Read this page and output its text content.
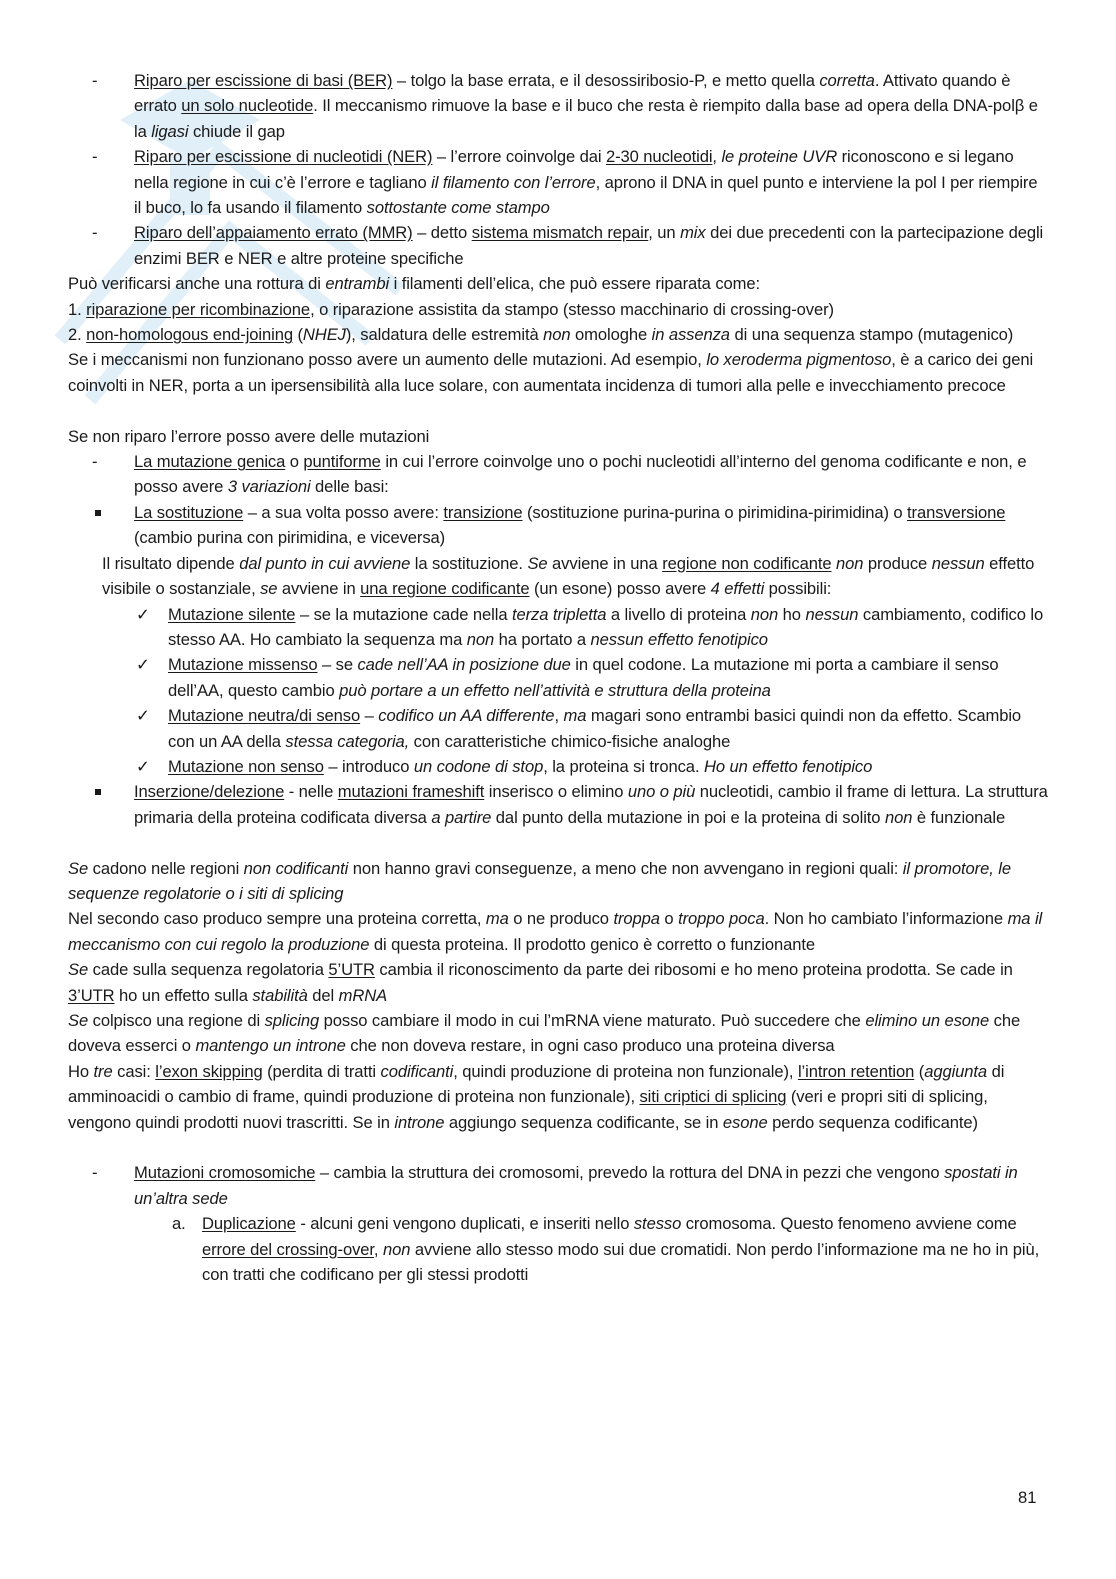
- Riparo per escissione di basi (BER) – tolgo la base errata, e il desossiribosio-P, e metto quella corretta. Attivato quando è errato un solo nucleotide. Il meccanismo rimuove la base e il buco che resta è riempito dalla base ad opera della DNA-polβ e la ligasi chiude il gap

- Riparo per escissione di nucleotidi (NER) – l’errore coinvolge dai 2-30 nucleotidi, le proteine UVR riconoscono e si legano nella regione in cui c’è l’errore e tagliano il filamento con l’errore, aprono il DNA in quel punto e interviene la pol I per riempire il buco, lo fa usando il filamento sottostante come stampo

- Riparo dell’appaiamento errato (MMR) – detto sistema mismatch repair, un mix dei due precedenti con la partecipazione degli enzimi BER e NER e altre proteine specifiche

Può verificarsi anche una rottura di entrambi i filamenti dell’elica, che può essere riparata come:

1. riparazione per ricombinazione, o riparazione assistita da stampo (stesso macchinario di crossing-over)

2. non-homologous end-joining (NHEJ), saldatura delle estremità non omologhe in assenza di una sequenza stampo (mutagenico)

Se i meccanismi non funzionano posso avere un aumento delle mutazioni. Ad esempio, lo xeroderma pigmentoso, è a carico dei geni coinvolti in NER, porta a un ipersensibilità alla luce solare, con aumentata incidenza di tumori alla pelle e invecchiamento precoce

Se non riparo l’errore posso avere delle mutazioni

- La mutazione genica o puntiforme in cui l’errore coinvolge uno o pochi nucleotidi all’interno del genoma codificante e non, e posso avere 3 variazioni delle basi:

La sostituzione – a sua volta posso avere: transizione (sostituzione purina-purina o pirimidina-pirimidina) o transversione (cambio purina con pirimidina, e viceversa)

Il risultato dipende dal punto in cui avviene la sostituzione. Se avviene in una regione non codificante non produce nessun effetto visibile o sostanziale, se avviene in una regione codificante (un esone) posso avere 4 effetti possibili:

✓ Mutazione silente – se la mutazione cade nella terza tripletta a livello di proteina non ho nessun cambiamento, codifico lo stesso AA. Ho cambiato la sequenza ma non ha portato a nessun effetto fenotipico

✓ Mutazione missenso – se cade nell’AA in posizione due in quel codone. La mutazione mi porta a cambiare il senso dell’AA, questo cambio può portare a un effetto nell’attività e struttura della proteina

✓ Mutazione neutra/di senso – codifico un AA differente, ma magari sono entrambi basici quindi non da effetto. Scambio con un AA della stessa categoria, con caratteristiche chimico-fisiche analoghe

✓ Mutazione non senso – introduco un codone di stop, la proteina si tronca. Ho un effetto fenotipico

Inserzione/delezione - nelle mutazioni frameshift inserisco o elimino uno o più nucleotidi, cambio il frame di lettura. La struttura primaria della proteina codificata diversa a partire dal punto della mutazione in poi e la proteina di solito non è funzionale

Se cadono nelle regioni non codificanti non hanno gravi conseguenze, a meno che non avvengano in regioni quali: il promotore, le sequenze regolatorie o i siti di splicing

Nel secondo caso produco sempre una proteina corretta, ma o ne produco troppa o troppo poca. Non ho cambiato l’informazione ma il meccanismo con cui regolo la produzione di questa proteina. Il prodotto genico è corretto o funzionante

Se cade sulla sequenza regolatoria 5’UTR cambia il riconoscimento da parte dei ribosomi e ho meno proteina prodotta. Se cade in 3’UTR ho un effetto sulla stabilità del mRNA

Se colpisco una regione di splicing posso cambiare il modo in cui l’mRNA viene maturato. Può succedere che elimino un esone che doveva esserci o mantengo un introne che non doveva restare, in ogni caso produco una proteina diversa

Ho tre casi: l’exon skipping (perdita di tratti codificanti, quindi produzione di proteina non funzionale), l’intron retention (aggiunta di amminoacidi o cambio di frame, quindi produzione di proteina non funzionale), siti criptici di splicing (veri e propri siti di splicing, vengono quindi prodotti nuovi trascritti. Se in introne aggiungo sequenza codificante, se in esone perdo sequenza codificante)

- Mutazioni cromosomiche – cambia la struttura dei cromosomi, prevedo la rottura del DNA in pezzi che vengono spostati in un’altra sede

a. Duplicazione - alcuni geni vengono duplicati, e inseriti nello stesso cromosoma. Questo fenomeno avviene come errore del crossing-over, non avviene allo stesso modo sui due cromatidi. Non perdo l’informazione ma ne ho in più, con tratti che codificano per gli stessi prodotti

81
